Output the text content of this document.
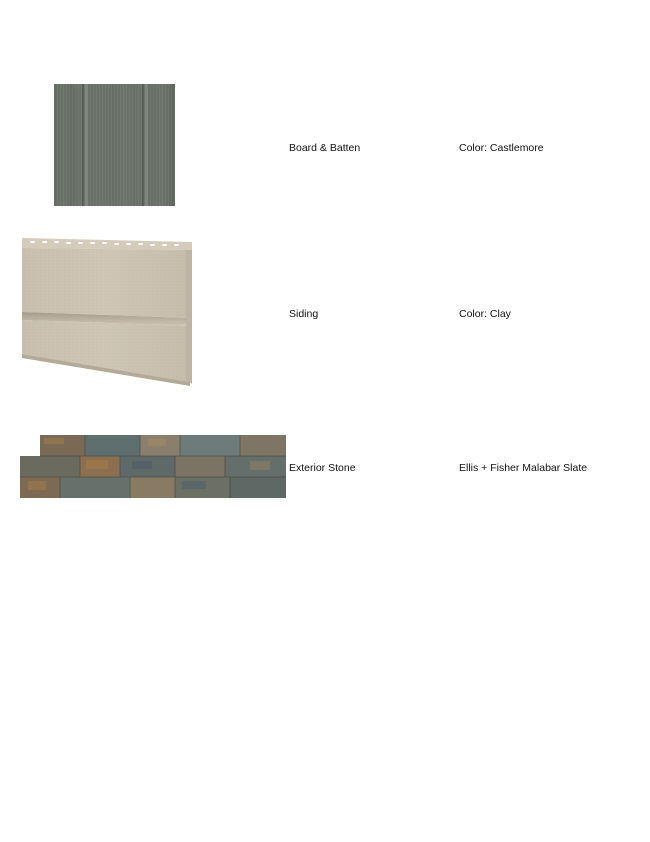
Board & Batten	Color: Castlemore
Siding	Color: Clay
Exterior Stone	Ellis + Fisher Malabar Slate
